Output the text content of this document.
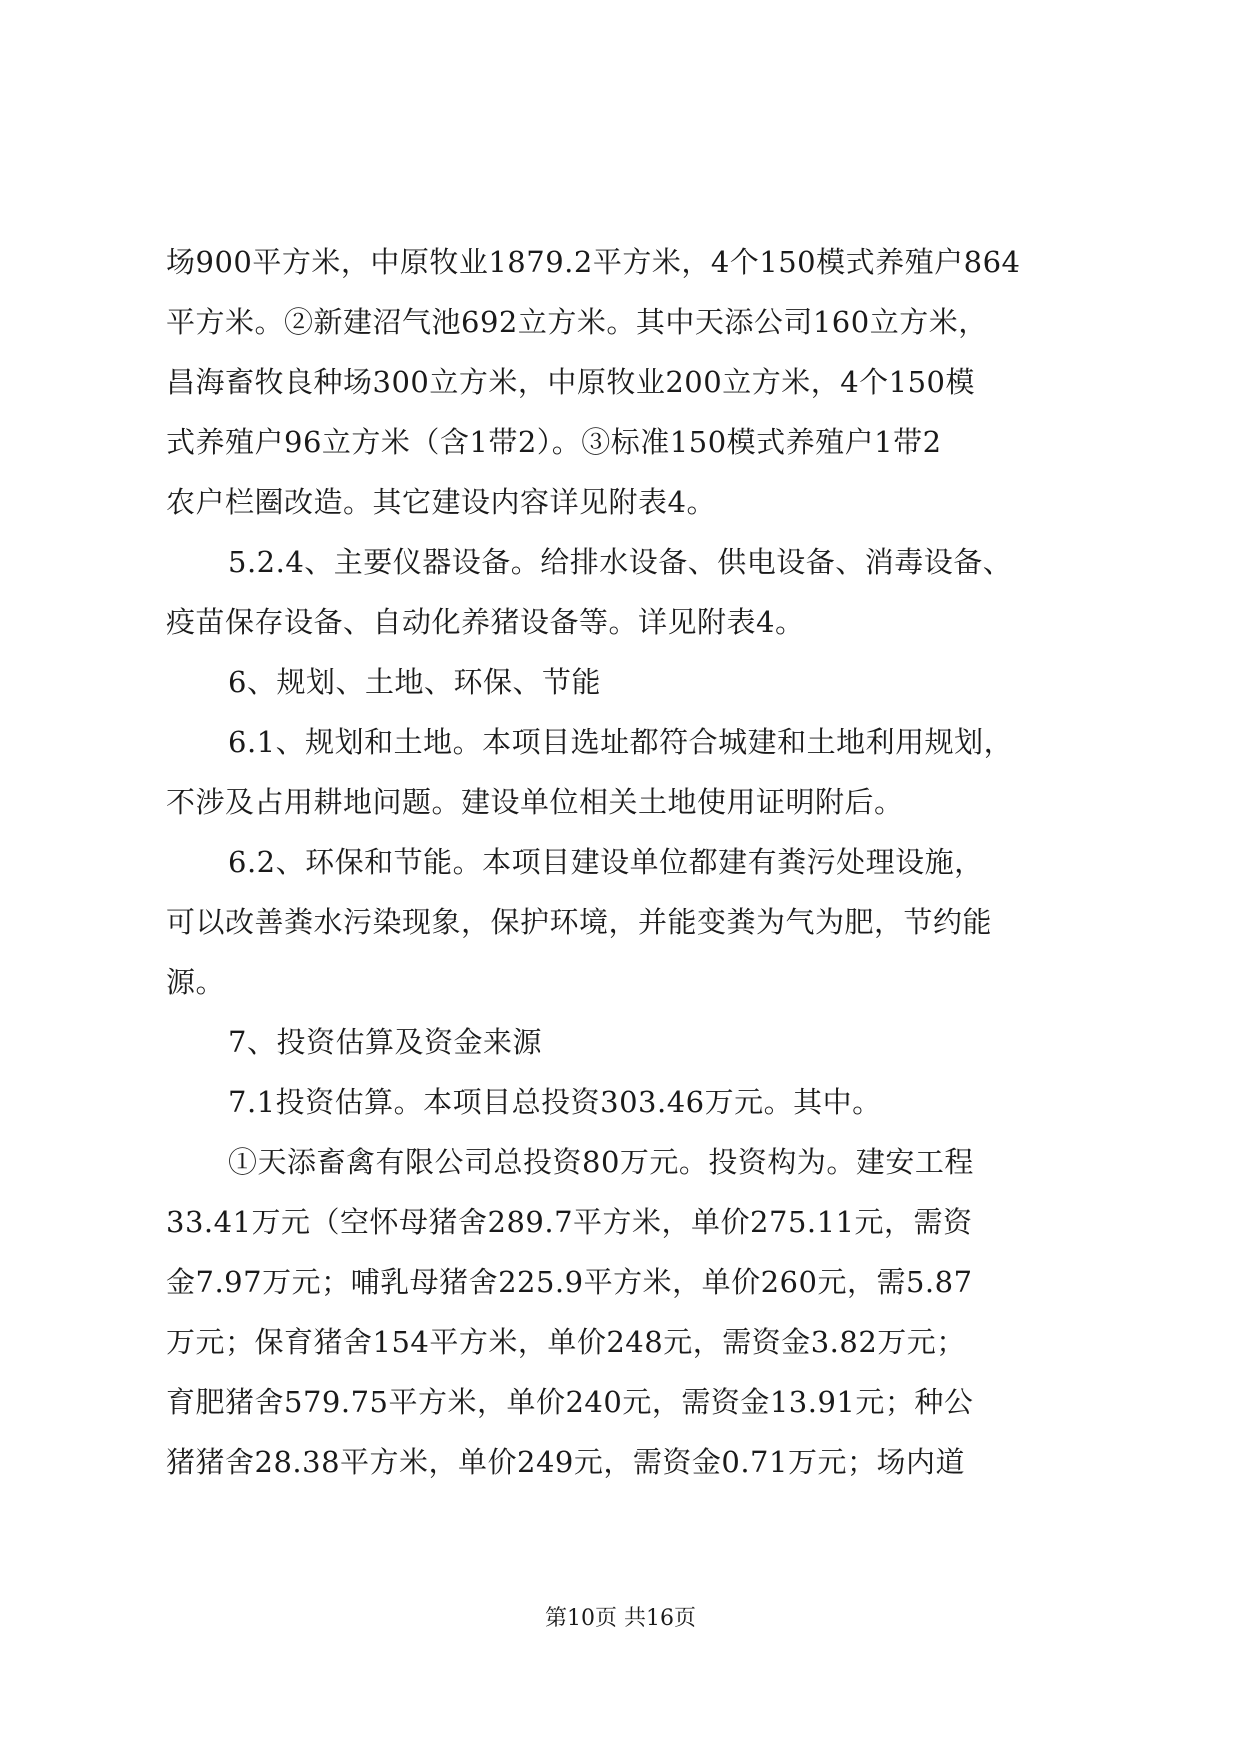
场900平方米，中原牧业1879.2平方米，4个150模式养殖户864
平方米。②新建沼气池692立方米。其中天添公司160立方米，
昌海畜牧良种场300立方米，中原牧业200立方米，4个150模
式养殖户96立方米（含1带2）。③标准150模式养殖户1带2
农户栏圈改造。其它建设内容详见附表4。
5.2.4、主要仪器设备。给排水设备、供电设备、消毒设备、
疫苗保存设备、自动化养猪设备等。详见附表4。
6、规划、土地、环保、节能
6.1、规划和土地。本项目选址都符合城建和土地利用规划，
不涉及占用耕地问题。建设单位相关土地使用证明附后。
6.2、环保和节能。本项目建设单位都建有粪污处理设施，
可以改善粪水污染现象，保护环境，并能变粪为气为肥，节约能
源。
7、投资估算及资金来源
7.1投资估算。本项目总投资303.46万元。其中。
①天添畜禽有限公司总投资80万元。投资构为。建安工程
33.41万元（空怀母猪舍289.7平方米，单价275.11元，需资
金7.97万元；哺乳母猪舍225.9平方米，单价260元，需5.87
万元；保育猪舍154平方米，单价248元，需资金3.82万元；
育肥猪舍579.75平方米，单价240元，需资金13.91元；种公
猪猪舍28.38平方米，单价249元，需资金0.71万元；场内道
第10页 共16页
